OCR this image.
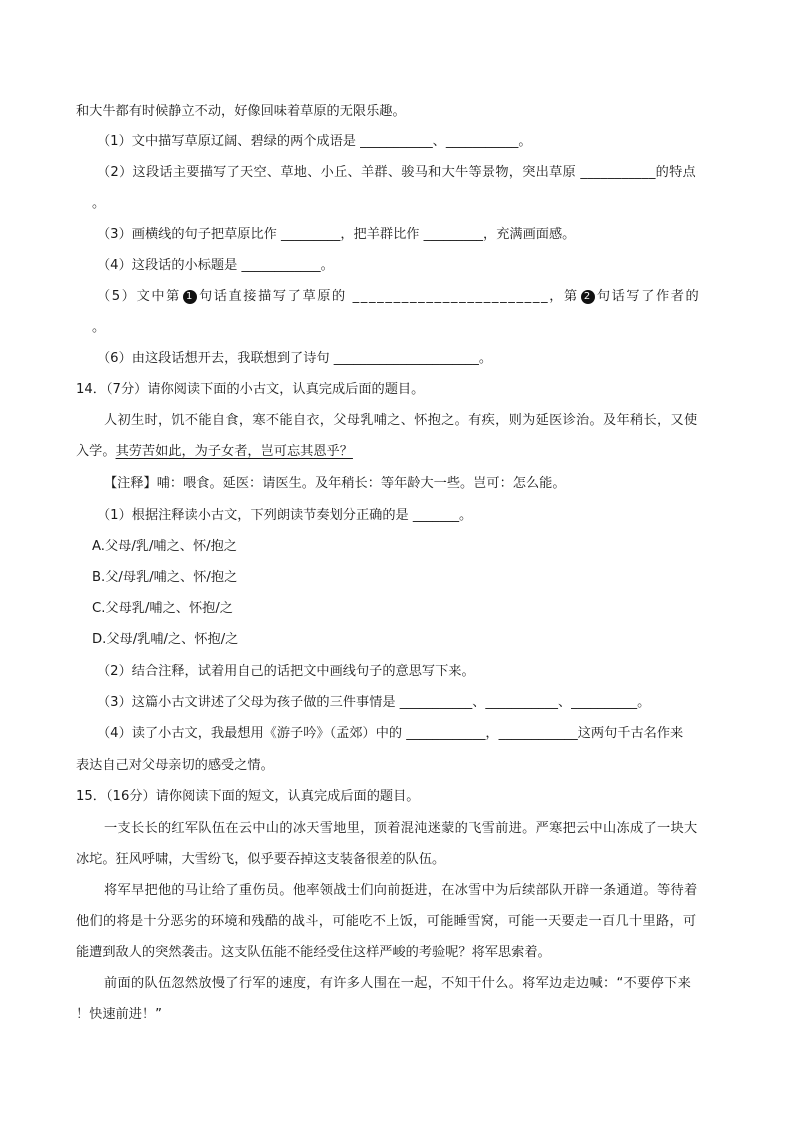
和大牛都有时候静立不动，好像回味着草原的无限乐趣。
（1）文中描写草原辽阔、碧绿的两个成语是 ___________、___________。
（2）这段话主要描写了天空、草地、小丘、羊群、骏马和大牛等景物，突出草原 ___________的特点
。
（3）画横线的句子把草原比作 _________，把羊群比作 _________，充满画面感。
（4）这段话的小标题是 ____________。
（5）文中第 1 句话直接描写了草原的 ________________________，第 2 句话写了作者的
。
（6）由这段话想开去，我联想到了诗句 ______________________。
14．（7分）请你阅读下面的小古文，认真完成后面的题目。
人初生时，饥不能自食，寒不能自衣，父母乳哺之、怀抱之。有疾，则为延医诊治。及年稍长，又使
入学。其劳苦如此，为子女者，岂可忘其恩乎？
【注释】哺：喂食。延医：请医生。及年稍长：等年龄大一些。岂可：怎么能。
（1）根据注释读小古文，下列朗读节奏划分正确的是 _______。
A.父母/乳/哺之、怀/抱之
B.父/母乳/哺之、怀/抱之
C.父母乳/哺之、怀抱/之
D.父母/乳哺/之、怀抱/之
（2）结合注释，试着用自己的话把文中画线句子的意思写下来。
（3）这篇小古文讲述了父母为孩子做的三件事情是 ___________、___________、__________。
（4）读了小古文，我最想用《游子吟》（孟郊）中的 ____________，____________这两句千古名作来
表达自己对父母亲切的感受之情。
15．（16分）请你阅读下面的短文，认真完成后面的题目。
一支长长的红军队伍在云中山的冰天雪地里，顶着混沌迷蒙的飞雪前进。严寒把云中山冻成了一块大
冰坨。狂风呼啸，大雪纷飞，似乎要吞掉这支装备很差的队伍。
将军早把他的马让给了重伤员。他率领战士们向前挺进，在冰雪中为后续部队开辟一条通道。等待着
他们的将是十分恶劣的环境和残酷的战斗，可能吃不上饭，可能睡雪窝，可能一天要走一百几十里路，可
能遭到敌人的突然袭击。这支队伍能不能经受住这样严峻的考验呢？将军思索着。
前面的队伍忽然放慢了行军的速度，有许多人围在一起，不知干什么。将军边走边喊：“不要停下来
！快速前进！”
